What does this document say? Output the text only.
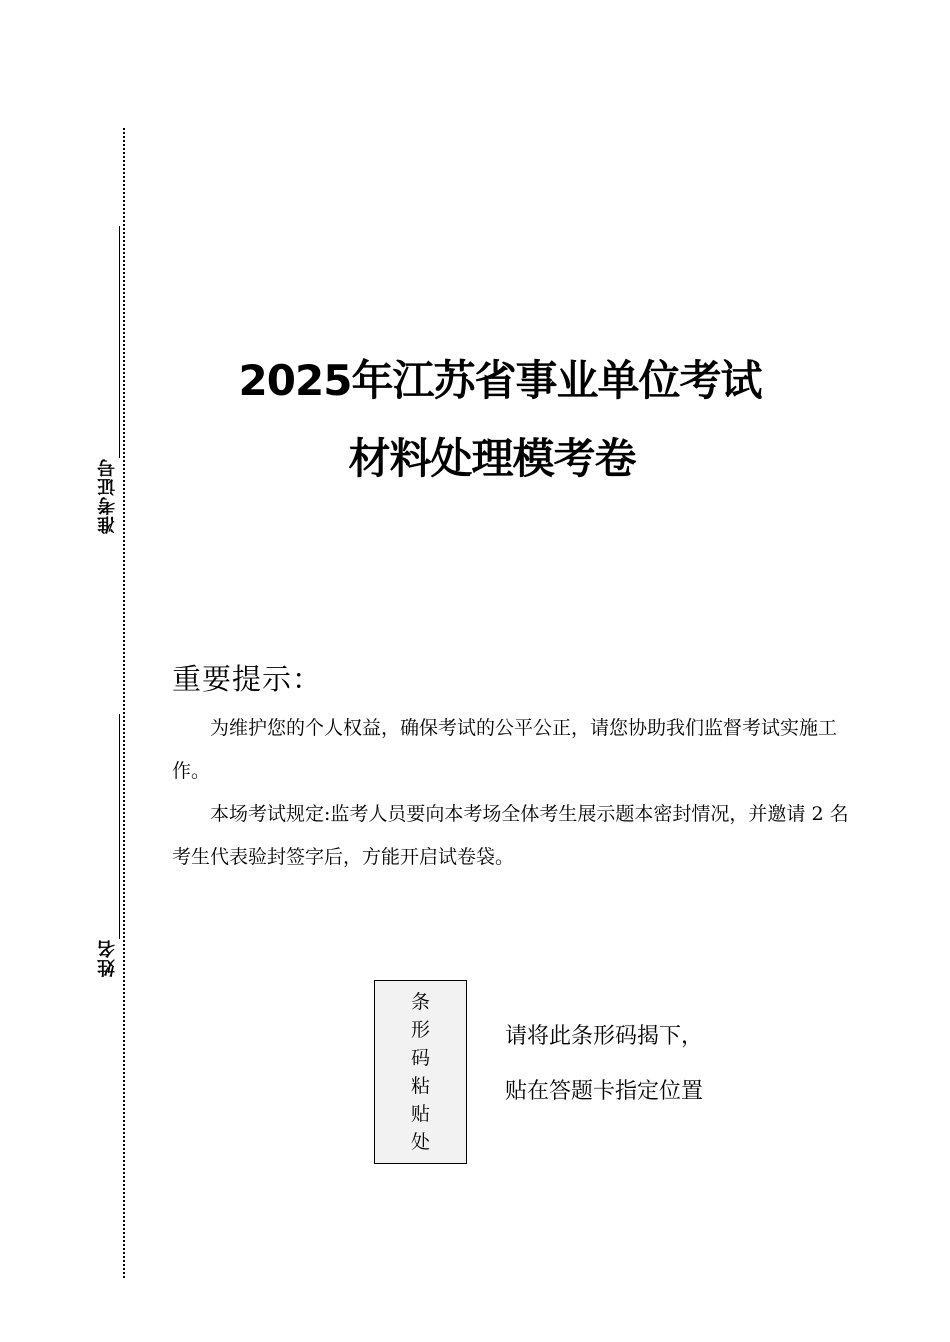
准考证号
姓名
2025年江苏省事业单位考试
材料处理模考卷
重要提示：

为维护您的个人权益，确保考试的公平公正，请您协助我们监督考试实施工作。

本场考试规定:监考人员要向本考场全体考生展示题本密封情况，并邀请 2 名考生代表验封签字后，方能开启试卷袋。

条
形
码
粘
贴
处
请将此条形码揭下，
贴在答题卡指定位置
